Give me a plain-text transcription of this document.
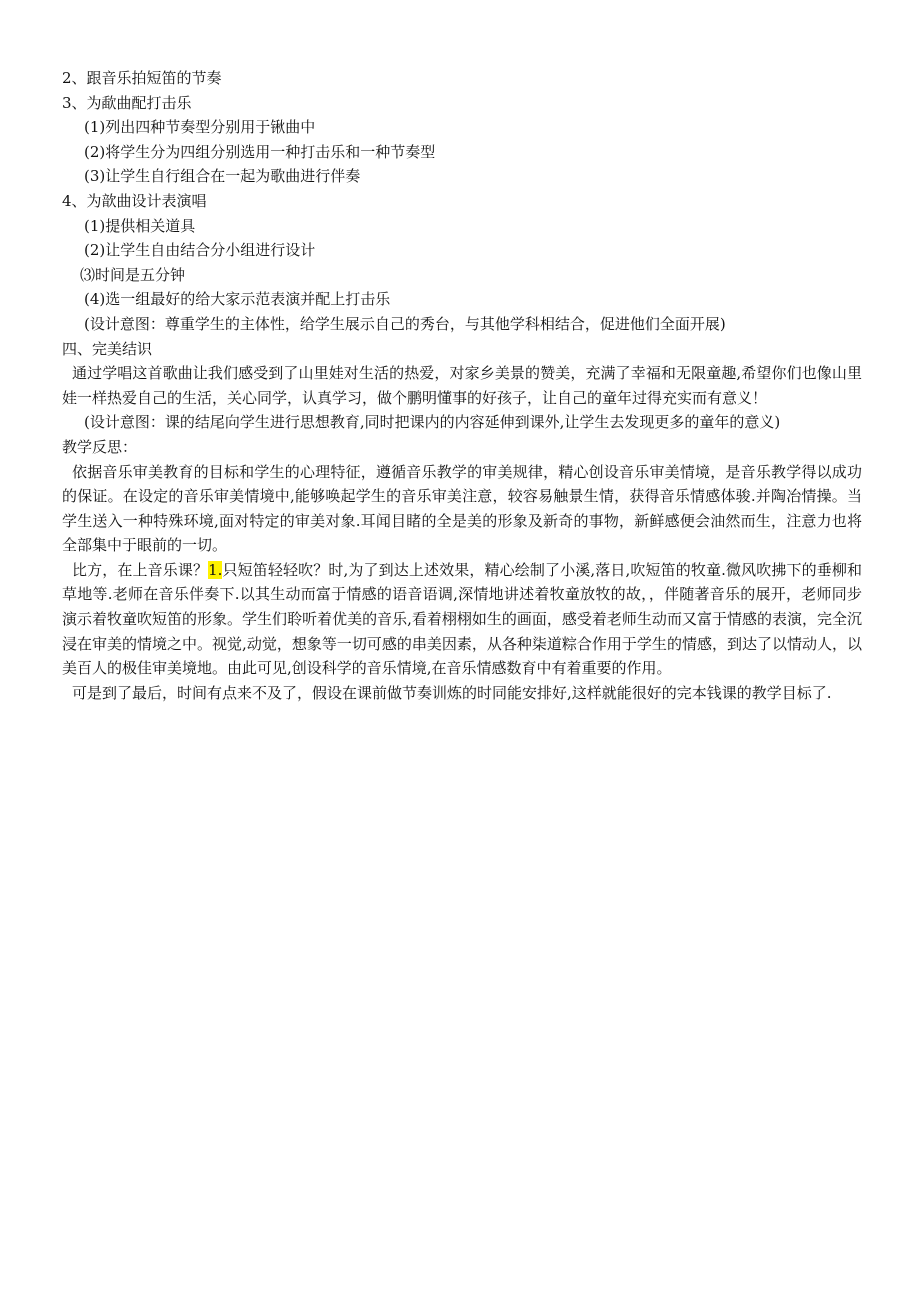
2、跟音乐拍短笛的节奏
3、为歃曲配打击乐
(1)列出四种节奏型分别用于锹曲中
(2)将学生分为四组分别选用一种打击乐和一种节奏型
(3)让学生自行组合在一起为歌曲进行伴奏
4、为歆曲设计表演唱
(1)提供相关道具
(2)让学生自由结合分小组进行设计
⑶时间是五分钟
(4)选一组最好的给大家示范表演并配上打击乐
(设计意图：尊重学生的主体性，给学生展示自己的秀台，与其他学科相结合，促进他们全面开展)
四、完美结识
通过学唱这首歌曲让我们感受到了山里娃对生活的热爱，对家乡美景的赞美，充满了幸福和无限童趣,希望你们也像山里娃一样热爱自己的生活，关心同学，认真学习，做个鹏明懂事的好孩子，让自己的童年过得充实而有意义！
(设计意图：课的结尾向学生进行思想教育,同时把课内的内容延伸到课外,让学生去发现更多的童年的意义)
教学反思：
依据音乐审美教育的目标和学生的心理特征，遵循音乐教学的审美规律，精心创设音乐审美情境，是音乐教学得以成功的保证。在设定的音乐审美情境中,能够唤起学生的音乐审美注意，较容易触景生情，获得音乐情感体骏.并陶冶情操。当学生送入一种特殊环境,面对特定的审美对象.耳闻目睹的全是美的形象及新奇的事物，新鲜感便会油然而生，注意力也将全部集中于眼前的一切。
比方，在上音乐课？1.只短笛轻轻吹？时,为了到达上述效果，精心绘制了小溪,落日,吹短笛的牧童.微风吹拂下的垂柳和草地等.老师在音乐伴奏下.以其生动而富于情感的语音语调,深情地讲述着牧童放牧的故，，伴随著音乐的展开，老师同步演示着牧童吹短笛的形象。学生们聆听着优美的音乐,看着栩栩如生的画面，感受着老师生动而又富于情感的表演，完全沉浸在审美的情境之中。视觉,动觉，想象等一切可感的串美因素，从各种柒道粽合作用于学生的情感，到达了以情动人，以美百人的极佳审美境地。由此可见,创设科学的音乐情境,在音乐情感数育中有着重要的作用。
可是到了最后，时间有点来不及了，假设在课前做节奏训炼的时同能安排好,这样就能很好的完本钱课的教学目标了.
